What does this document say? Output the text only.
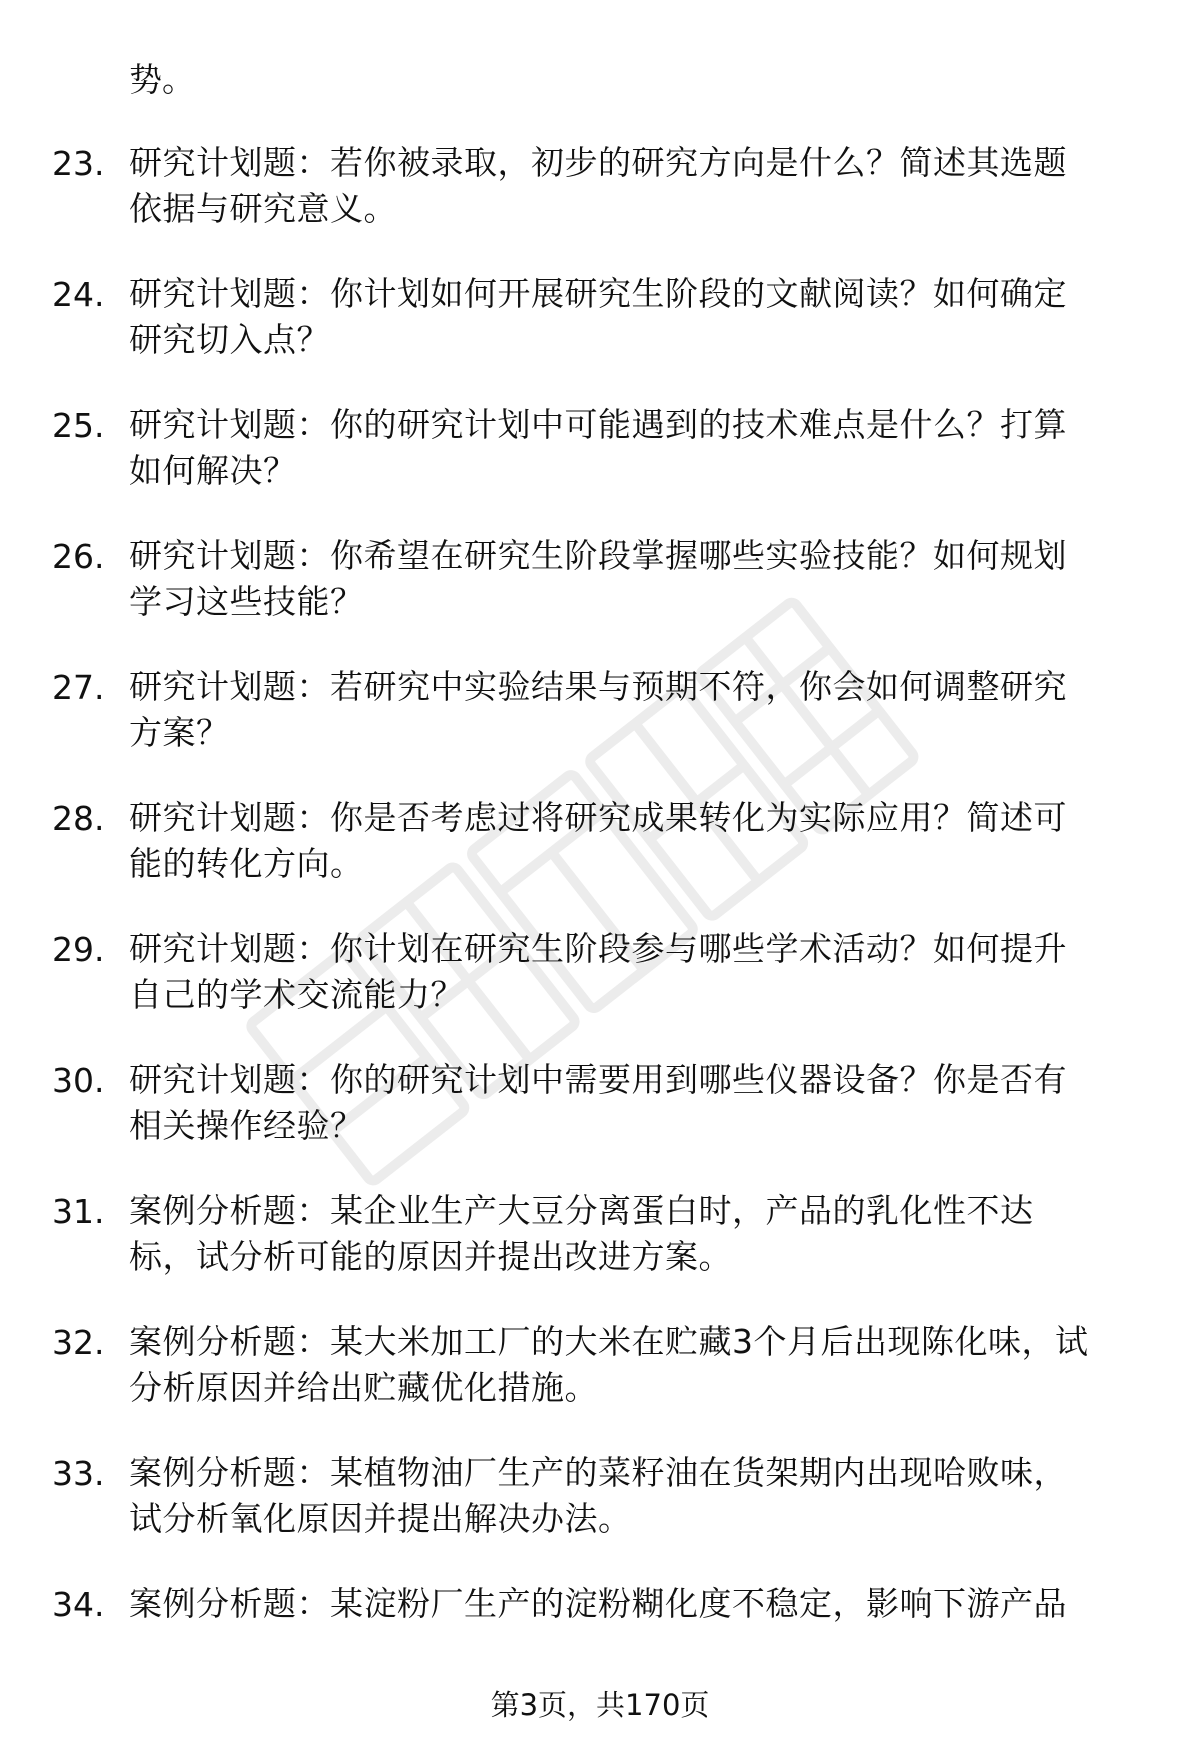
势。

23. 研究计划题：若你被录取，初步的研究方向是什么？简述其选题
依据与研究意义。
24. 研究计划题：你计划如何开展研究生阶段的文献阅读？如何确定
研究切入点？
25. 研究计划题：你的研究计划中可能遇到的技术难点是什么？打算
如何解决？
26. 研究计划题：你希望在研究生阶段掌握哪些实验技能？如何规划
学习这些技能？
27. 研究计划题：若研究中实验结果与预期不符，你会如何调整研究
方案？
28. 研究计划题：你是否考虑过将研究成果转化为实际应用？简述可
能的转化方向。
29. 研究计划题：你计划在研究生阶段参与哪些学术活动？如何提升
自己的学术交流能力？
30. 研究计划题：你的研究计划中需要用到哪些仪器设备？你是否有
相关操作经验？
31. 案例分析题：某企业生产大豆分离蛋白时，产品的乳化性不达
标，试分析可能的原因并提出改进方案。
32. 案例分析题：某大米加工厂的大米在贮藏3个月后出现陈化味，试
分析原因并给出贮藏优化措施。
33. 案例分析题：某植物油厂生产的菜籽油在货架期内出现哈败味，
试分析氧化原因并提出解决办法。
34. 案例分析题：某淀粉厂生产的淀粉糊化度不稳定，影响下游产品
第3页，共170页
